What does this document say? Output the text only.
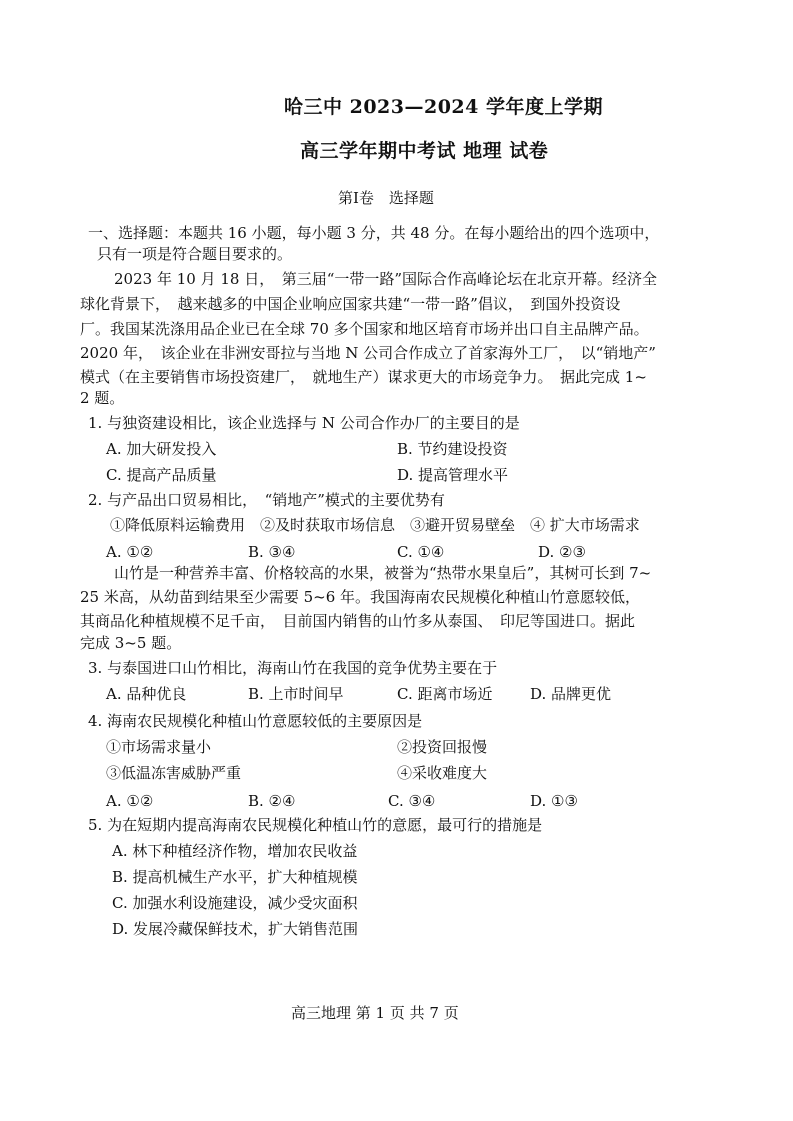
哈三中 2023—2024 学年度上学期
高三学年期中考试 地理 试卷
第Ⅰ卷　选择题
一、选择题：本题共 16 小题，每小题 3 分，共 48 分。在每小题给出的四个选项中，
只有一项是符合题目要求的。
2023 年 10 月 18 日，　第三届“一带一路”国际合作高峰论坛在北京开幕。经济全
球化背景下，　越来越多的中国企业响应国家共建“一带一路”倡议，　到国外投资设
厂。我国某洗涤用品企业已在全球 70 多个国家和地区培育市场并出口自主品牌产品。
2020 年，　该企业在非洲安哥拉与当地 N 公司合作成立了首家海外工厂，　以“销地产”
模式（在主要销售市场投资建厂，　就地生产）谋求更大的市场竞争力。　据此完成 1~
2 题。
1. 与独资建设相比，该企业选择与 N 公司合作办厂的主要目的是
A. 加大研发投入	B. 节约建设投资
C. 提高产品质量	D. 提高管理水平
2. 与产品出口贸易相比，　“销地产”模式的主要优势有
①降低原料运输费用　②及时获取市场信息　③避开贸易壁垒　④ 扩大市场需求
A. ①②	B. ③④	C. ①④	D. ②③
山竹是一种营养丰富、价格较高的水果，被誉为“热带水果皇后”，其树可长到 7~
25 米高，从幼苗到结果至少需要 5~6 年。我国海南农民规模化种植山竹意愿较低，
其商品化种植规模不足千亩，　目前国内销售的山竹多从泰国、　印尼等国进口。据此
完成 3~5 题。
3. 与泰国进口山竹相比，海南山竹在我国的竞争优势主要在于
A. 品种优良	B. 上市时间早	C. 距离市场近	D. 品牌更优
4. 海南农民规模化种植山竹意愿较低的主要原因是
①市场需求量小	②投资回报慢
③低温冻害威胁严重	④采收难度大
A. ①②	B. ②④	C. ③④	D. ①③
5. 为在短期内提高海南农民规模化种植山竹的意愿，最可行的措施是
A. 林下种植经济作物，增加农民收益
B. 提高机械生产水平，扩大种植规模
C. 加强水利设施建设，减少受灾面积
D. 发展冷藏保鲜技术，扩大销售范围
高三地理 第 1 页 共 7 页
